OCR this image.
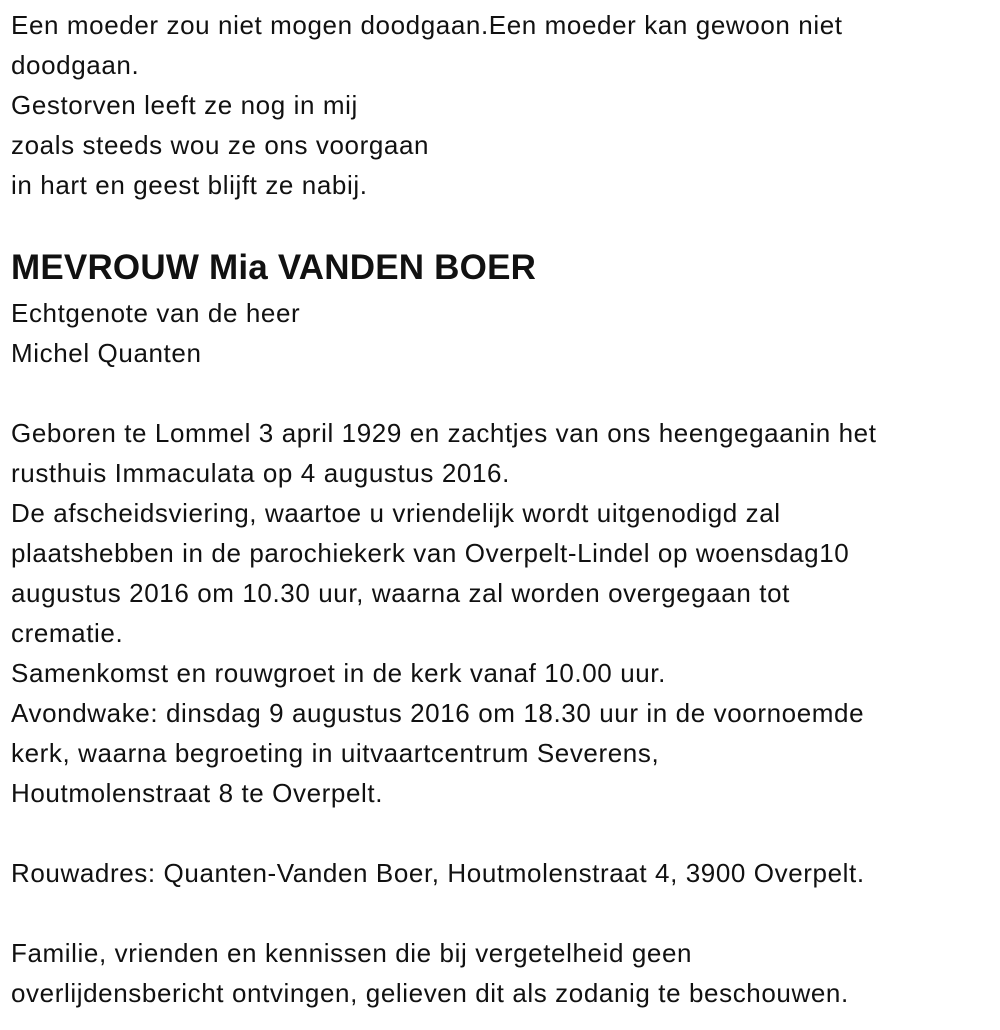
Een moeder zou niet mogen doodgaan.Een moeder kan gewoon niet
doodgaan.
Gestorven leeft ze nog in mij
zoals steeds wou ze ons voorgaan
in hart en geest blijft ze nabij.
MEVROUW Mia VANDEN BOER
Echtgenote van de heer
Michel Quanten
Geboren te Lommel 3 april 1929 en zachtjes van ons heengegaanin het
rusthuis Immaculata op 4 augustus 2016.
De afscheidsviering, waartoe u vriendelijk wordt uitgenodigd zal
plaatshebben in de parochiekerk van Overpelt-Lindel op woensdag10
augustus 2016 om 10.30 uur, waarna zal worden overgegaan tot
crematie.
Samenkomst en rouwgroet in de kerk vanaf 10.00 uur.
Avondwake: dinsdag 9 augustus 2016 om 18.30 uur in de voornoemde
kerk, waarna begroeting in uitvaartcentrum Severens,
Houtmolenstraat 8 te Overpelt.
Rouwadres: Quanten-Vanden Boer, Houtmolenstraat 4, 3900 Overpelt.
Familie, vrienden en kennissen die bij vergetelheid geen
overlijdensbericht ontvingen, gelieven dit als zodanig te beschouwen.
